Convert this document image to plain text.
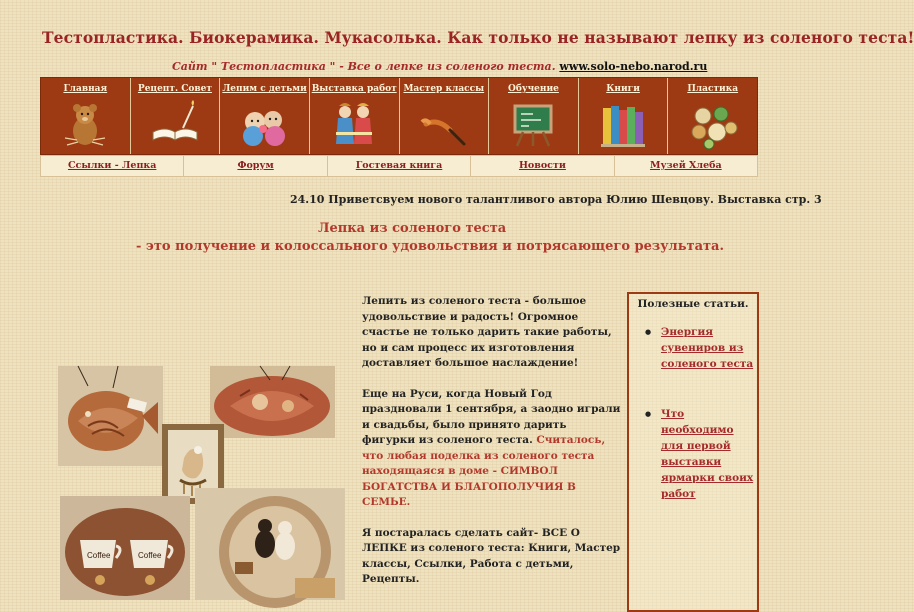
Тестопластика. Биокерамика. Мукасолька. Как только не называют лепку из соленого теста!
Сайт " Тестопластика " - Все о лепке из соленого теста. www.solo-nebo.narod.ru
Главная	Рецепт. Совет Лепим с детьми Выставка работ Мастер классы	Обучение	Книги	Пластика
Ссылки - Лепка	Форум	Гостевая книга	Новости	Музей Хлеба
24.10 Приветсвуем нового талантливого автора Юлию Шевцову. Выставка стр. 3
Лепка из соленого теста
- это получение и колоссального удовольствия и потрясающего результата.
Coffee	Coffee

Лепить из соленого теста - большое удовольствие и радость! Огромное счастье не только дарить такие работы, но и сам процесс их изготовления доставляет большое наслаждение!

Еще на Руси, когда Новый Год праздновали 1 сентября, а заодно играли и свадьбы, было принято дарить фигурки из соленого теста. Считалось, что любая поделка из соленого теста находящаяся в доме - СИМВОЛ БОГАТСТВА И БЛАГОПОЛУЧИЯ В СЕМЬЕ.

Я постаралась сделать сайт- ВСЕ О ЛЕПКЕ из соленого теста: Книги, Мастер классы, Ссылки, Работа с детьми, Рецепты.

Полезные статьи.
● Энергия сувениров из соленого теста
● Что необходимо для первой выставки ярмарки своих работ
